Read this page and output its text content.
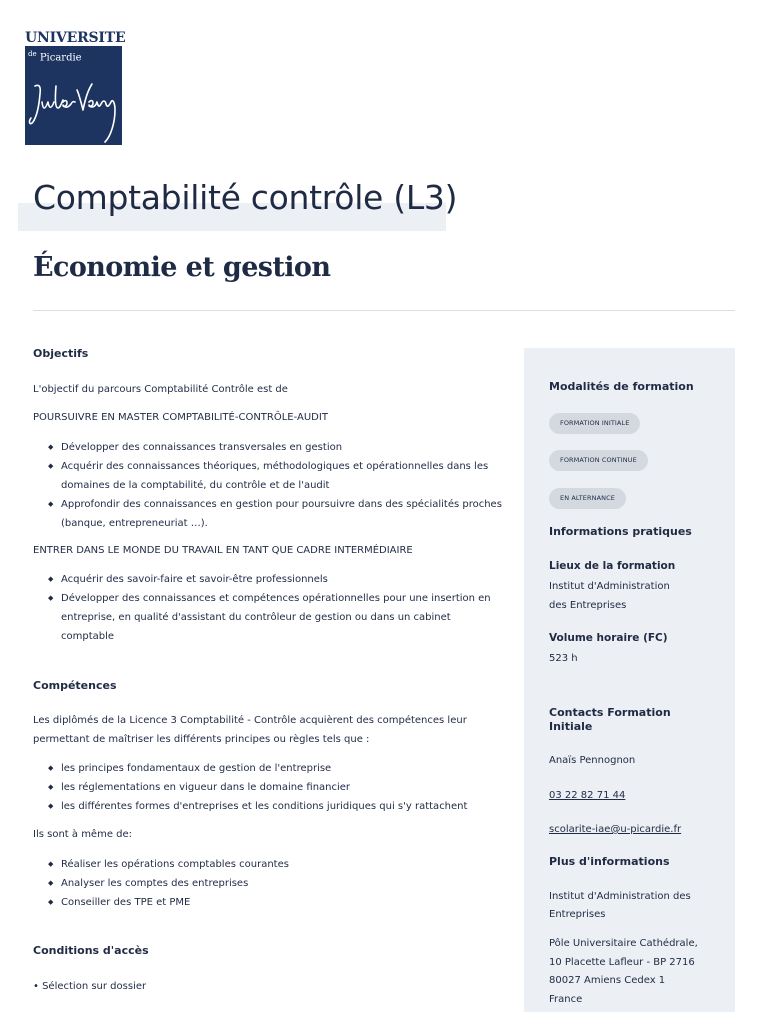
UNIVERSITE
$^{de}$ Picardie
Comptabilité contrôle (L3)
Économie et gestion
Objectifs

L'objectif du parcours Comptabilité Contrôle est de

POURSUIVRE EN MASTER COMPTABILITÉ-CONTRÔLE-AUDIT

◆ Développer des connaissances transversales en gestion
◆ Acquérir des connaissances théoriques, méthodologiques et opérationnelles dans les domaines de la comptabilité, du contrôle et de l'audit
◆ Approfondir des connaissances en gestion pour poursuivre dans des spécialités proches (banque, entrepreneuriat …).

ENTRER DANS LE MONDE DU TRAVAIL EN TANT QUE CADRE INTERMÉDIAIRE

◆ Acquérir des savoir-faire et savoir-être professionnels
◆ Développer des connaissances et compétences opérationnelles pour une insertion en entreprise, en qualité d'assistant du contrôleur de gestion ou dans un cabinet comptable
Compétences

Les diplômés de la Licence 3 Comptabilité - Contrôle acquièrent des compétences leur permettant de maîtriser les différents principes ou règles tels que :

◆ les principes fondamentaux de gestion de l'entreprise
◆ les réglementations en vigueur dans le domaine financier
◆ les différentes formes d'entreprises et les conditions juridiques qui s'y rattachent

Ils sont à même de:

◆ Réaliser les opérations comptables courantes
◆ Analyser les comptes des entreprises
◆ Conseiller des TPE et PME
Conditions d'accès

• Sélection sur dossier

Modalités de formation
FORMATION INITIALE
FORMATION CONTINUE
EN ALTERNANCE
Informations pratiques
Lieux de la formation
Institut d'Administration
des Entreprises
Volume horaire (FC)
523 h
Contacts Formation
Initiale
Anaïs Pennognon
03 22 82 71 44
scolarite-iae@u-picardie.fr
Plus d'informations
Institut d'Administration des
Entreprises
Pôle Universitaire Cathédrale,
10 Placette Lafleur - BP 2716
80027 Amiens Cedex 1
France
